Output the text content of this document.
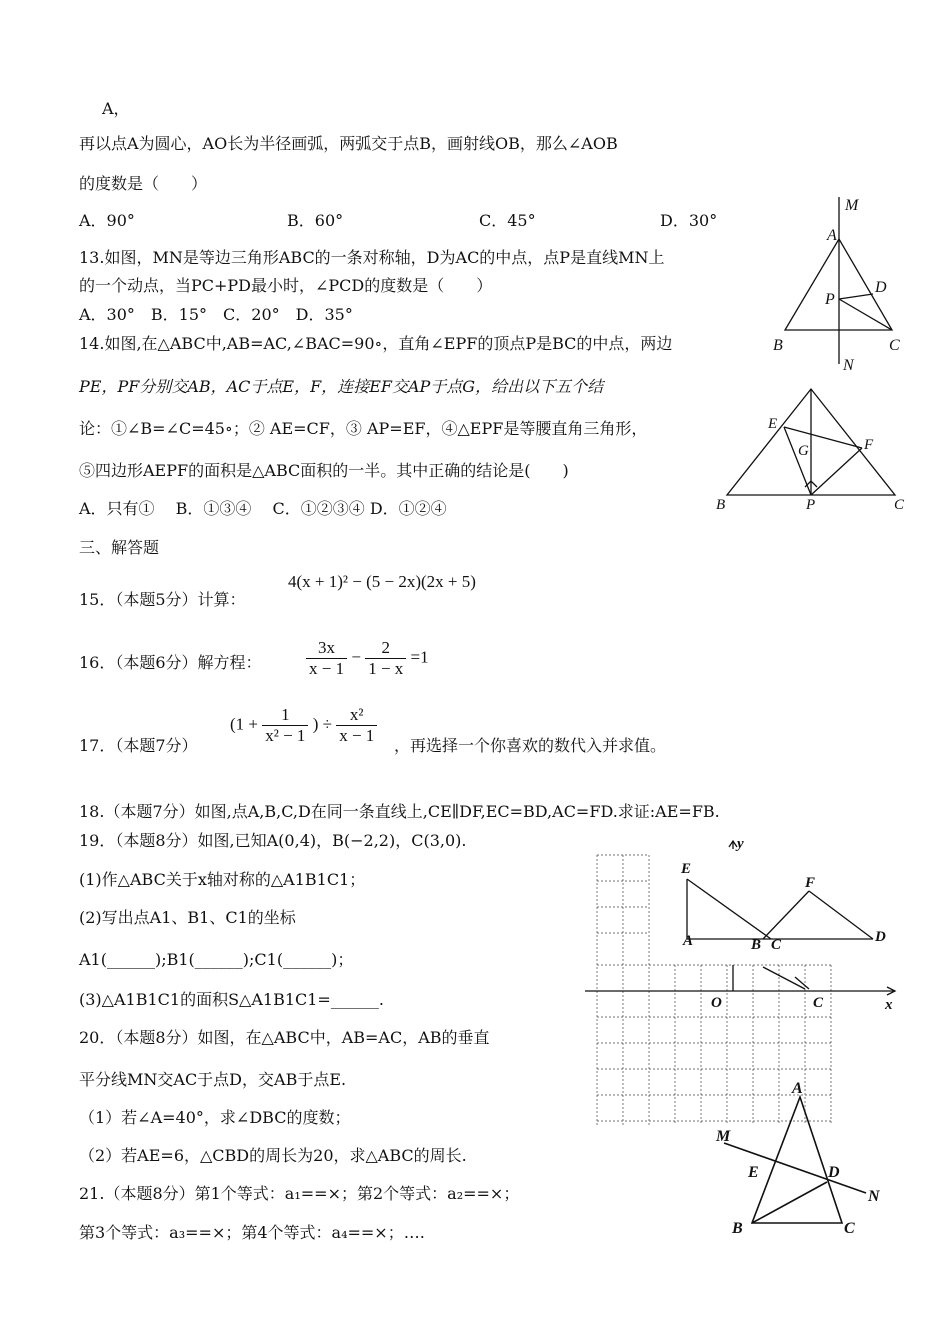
A，
再以点A为圆心，AO长为半径画弧，两弧交于点B，画射线OB，那么∠AOB
的度数是（　　）
A．90°	B．60°	C．45°	D．30°
13.如图，MN是等边三角形ABC的一条对称轴，D为AC的中点，点P是直线MN上
的一个动点，当PC+PD最小时，∠PCD的度数是（　　）
A．30°　B．15°　C．20°　D．35°
14.如图,在△ABC中,AB=AC,∠BAC=90∘，直角∠EPF的顶点P是BC的中点，两边
PE，PF分别交AB，AC于点E，F，连接EF交AP于点G，给出以下五个结
论：①∠B=∠C=45∘；② AE=CF，③ AP=EF，④△EPF是等腰直角三角形，
⑤四边形AEPF的面积是△ABC面积的一半。其中正确的结论是(　　)
A．只有①　 B．①③④　 C．①②③④ D．①②④
三、解答题
15．（本题5分）计算：
4(x + 1)² − (5 − 2x)(2x + 5)
16．（本题6分）解方程：	$\frac{3x}{x - 1} - \frac{2}{1 - x} =1$
17．（本题7分）
($1 + \frac{1}{\text{x² − 1}}$ ) ÷ $\frac{\text{x²}}{x - 1}$ ，再选择一个你喜欢的数代入并求值。
18.（本题7分）如图,点A,B,C,D在同一条直线上,CE∥DF,EC=BD,AC=FD.求证:AE=FB.
19．（本题8分）如图,已知A(0,4)，B(−2,2)，C(3,0).
(1)作△ABC关于x轴对称的△A1B1C1；
(2)写出点A1、B1、C1的坐标
A1(______);B1(______);C1(______)；
(3)△A1B1C1的面积S△A1B1C1=______.
20．（本题8分）如图，在△ABC中，AB=AC，AB的垂直
平分线MN交AC于点D，交AB于点E.
（1）若∠A=40°，求∠DBC的度数；
（2）若AE=6，△CBD的周长为20，求△ABC的周长.
21.（本题8分）第1个等式：a₁==×；第2个等式：a₂==×；
第3个等式：a₃==×；第4个等式：a₄==×；….
M
A
D
P
B	C
N
E
G	F
B	P	C
y
E
F
A	B C	D
O	C	x
A
M
E	D
N
B	C
